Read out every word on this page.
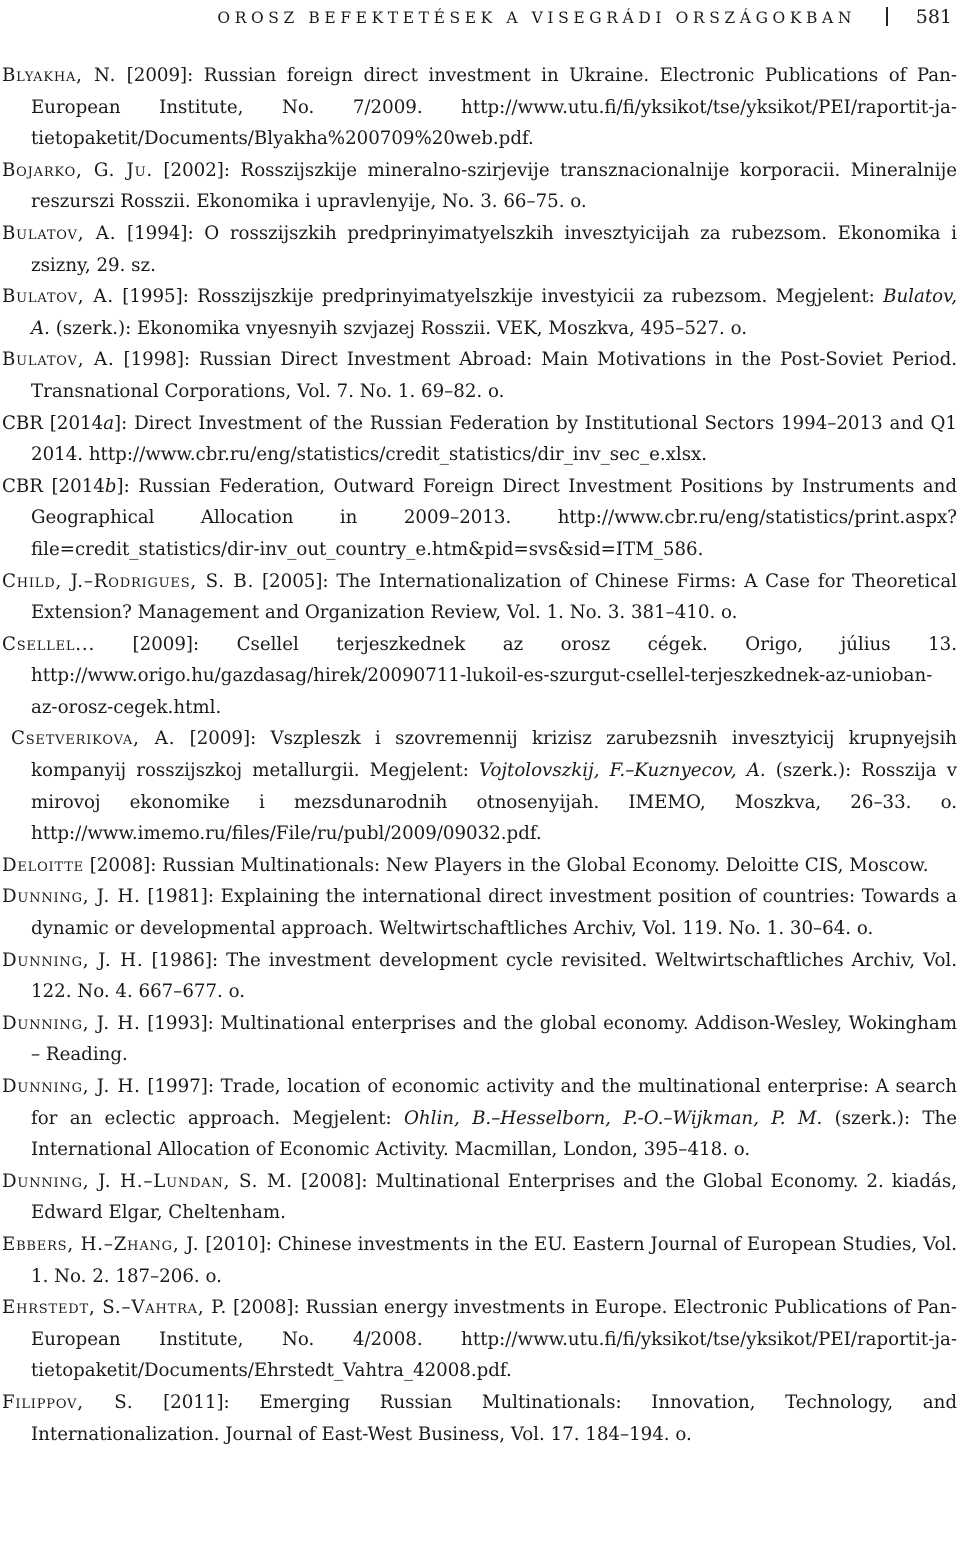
OROSZ BEFEKTETÉSEK A VISEGRÁDI ORSZÁGOKBAN	581

Blyakha, N. [2009]: Russian foreign direct investment in Ukraine. Electronic Publications of Pan-European Institute, No. 7/2009. http://www.utu.fi/fi/yksikot/tse/yksikot/PEI/raportit-ja-tietopaketit/Documents/Blyakha%200709%20web.pdf.

Bojarko, G. Ju. [2002]: Rosszijszkije mineralno-szirjevije transznacionalnije korporacii. Mineralnije reszurszi Rosszii. Ekonomika i upravlenyije, No. 3. 66–75. o.

Bulatov, A. [1994]: O rosszijszkih predprinyimatyelszkih invesztyicijah za rubezsom. Ekonomika i zsizny, 29. sz.

Bulatov, A. [1995]: Rosszijszkije predprinyimatyelszkije investyicii za rubezsom. Megjelent: Bulatov, A. (szerk.): Ekonomika vnyesnyih szvjazej Rosszii. VEK, Moszkva, 495–527. o.

Bulatov, A. [1998]: Russian Direct Investment Abroad: Main Motivations in the Post-Soviet Period. Transnational Corporations, Vol. 7. No. 1. 69–82. o.

CBR [2014a]: Direct Investment of the Russian Federation by Institutional Sectors 1994–2013 and Q1 2014. http://www.cbr.ru/eng/statistics/credit_statistics/dir_inv_sec_e.xlsx.

CBR [2014b]: Russian Federation, Outward Foreign Direct Investment Positions by Instruments and Geographical Allocation in 2009–2013. http://www.cbr.ru/eng/statistics/print.aspx?file=credit_statistics/dir-inv_out_country_e.htm&pid=svs&sid=ITM_586.

Child, J.–Rodrigues, S. B. [2005]: The Internationalization of Chinese Firms: A Case for Theoretical Extension? Management and Organization Review, Vol. 1. No. 3. 381–410. o.

Csellel... [2009]: Csellel terjeszkednek az orosz cégek. Origo, július 13. http://www.origo.hu/gazdasag/hirek/20090711-lukoil-es-szurgut-csellel-terjeszkednek-az-unioban-az-orosz-cegek.html.

Csetverikova, A. [2009]: Vszpleszk i szovremennij krizisz zarubezsnih invesztyicij krupnyejsih kompanyij rosszijszkoj metallurgii. Megjelent: Vojtolovszkij, F.–Kuznyecov, A. (szerk.): Rosszija v mirovoj ekonomike i mezsdunarodnih otnosenyijah. IMEMO, Moszkva, 26–33. o. http://www.imemo.ru/files/File/ru/publ/2009/09032.pdf.

Deloitte [2008]: Russian Multinationals: New Players in the Global Economy. Deloitte CIS, Moscow.

Dunning, J. H. [1981]: Explaining the international direct investment position of countries: Towards a dynamic or developmental approach. Weltwirtschaftliches Archiv, Vol. 119. No. 1. 30–64. o.

Dunning, J. H. [1986]: The investment development cycle revisited. Weltwirtschaftliches Archiv, Vol. 122. No. 4. 667–677. o.

Dunning, J. H. [1993]: Multinational enterprises and the global economy. Addison-Wesley, Wokingham – Reading.

Dunning, J. H. [1997]: Trade, location of economic activity and the multinational enterprise: A search for an eclectic approach. Megjelent: Ohlin, B.–Hesselborn, P.-O.–Wijkman, P. M. (szerk.): The International Allocation of Economic Activity. Macmillan, London, 395–418. o.

Dunning, J. H.–Lundan, S. M. [2008]: Multinational Enterprises and the Global Economy. 2. kiadás, Edward Elgar, Cheltenham.

Ebbers, H.–Zhang, J. [2010]: Chinese investments in the EU. Eastern Journal of European Studies, Vol. 1. No. 2. 187–206. o.

Ehrstedt, S.–Vahtra, P. [2008]: Russian energy investments in Europe. Electronic Publications of Pan-European Institute, No. 4/2008. http://www.utu.fi/fi/yksikot/tse/yksikot/PEI/raportit-ja-tietopaketit/Documents/Ehrstedt_Vahtra_42008.pdf.

Filippov, S. [2011]: Emerging Russian Multinationals: Innovation, Technology, and Internationalization. Journal of East-West Business, Vol. 17. 184–194. o.
